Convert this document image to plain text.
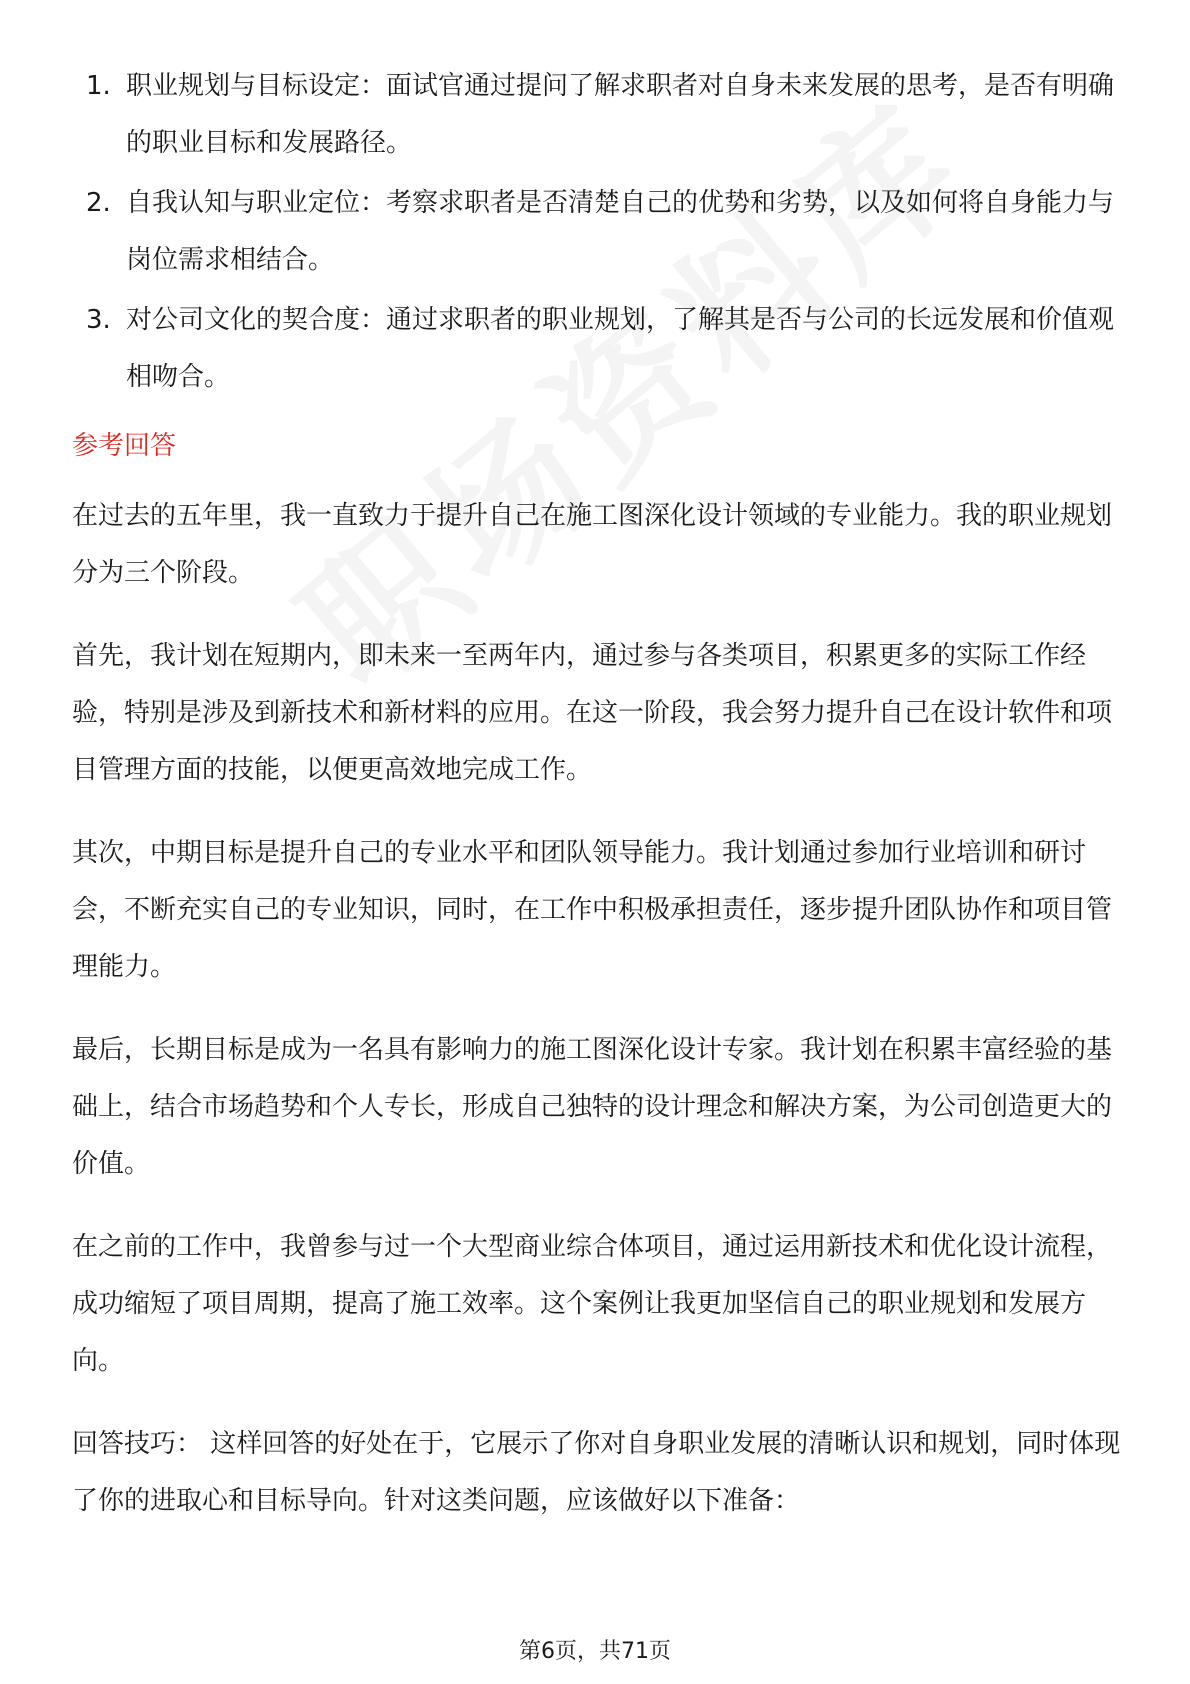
1. 职业规划与目标设定：面试官通过提问了解求职者对自身未来发展的思考，是否有明确的职业目标和发展路径。
2. 自我认知与职业定位：考察求职者是否清楚自己的优势和劣势，以及如何将自身能力与岗位需求相结合。
3. 对公司文化的契合度：通过求职者的职业规划，了解其是否与公司的长远发展和价值观相吻合。
参考回答

在过去的五年里，我一直致力于提升自己在施工图深化设计领域的专业能力。我的职业规划分为三个阶段。

首先，我计划在短期内，即未来一至两年内，通过参与各类项目，积累更多的实际工作经验，特别是涉及到新技术和新材料的应用。在这一阶段，我会努力提升自己在设计软件和项目管理方面的技能，以便更高效地完成工作。

其次，中期目标是提升自己的专业水平和团队领导能力。我计划通过参加行业培训和研讨会，不断充实自己的专业知识，同时，在工作中积极承担责任，逐步提升团队协作和项目管理能力。

最后，长期目标是成为一名具有影响力的施工图深化设计专家。我计划在积累丰富经验的基础上，结合市场趋势和个人专长，形成自己独特的设计理念和解决方案，为公司创造更大的价值。

在之前的工作中，我曾参与过一个大型商业综合体项目，通过运用新技术和优化设计流程，成功缩短了项目周期，提高了施工效率。这个案例让我更加坚信自己的职业规划和发展方向。

回答技巧： 这样回答的好处在于，它展示了你对自身职业发展的清晰认识和规划，同时体现了你的进取心和目标导向。针对这类问题，应该做好以下准备：

第6页，共71页
